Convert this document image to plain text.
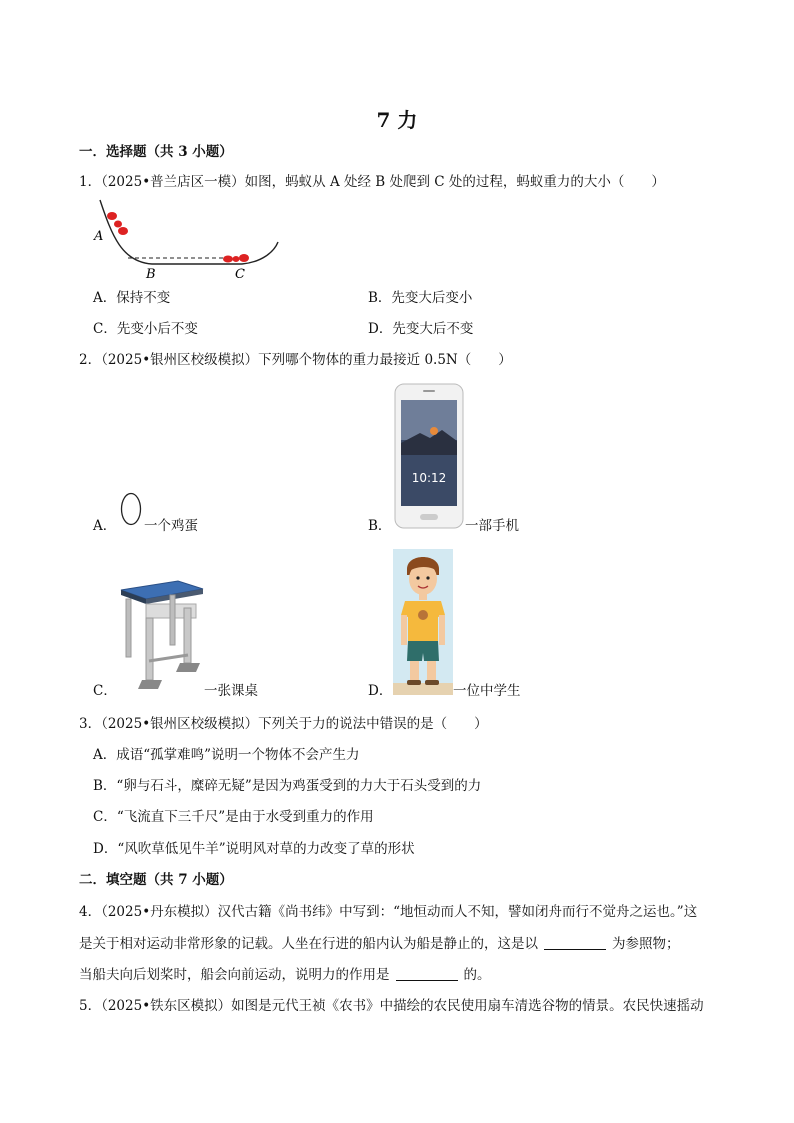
7 力
一．选择题（共 3 小题）
1．（2025•普兰店区一模）如图，蚂蚁从 A 处经 B 处爬到 C 处的过程，蚂蚁重力的大小（　　）
A
B	C
A．保持不变	B．先变大后变小
C．先变小后不变	D．先变大后不变
2．（2025•银州区校级模拟）下列哪个物体的重力最接近 0.5N（　　）
10:12
A． 一个鸡蛋	B．	一部手机
C．	一张课桌	D．	一位中学生
3．（2025•银州区校级模拟）下列关于力的说法中错误的是（　　）
A．成语“孤掌难鸣”说明一个物体不会产生力
B．“卵与石斗，糜碎无疑”是因为鸡蛋受到的力大于石头受到的力
C．“飞流直下三千尺”是由于水受到重力的作用
D．“风吹草低见牛羊”说明风对草的力改变了草的形状
二．填空题（共 7 小题）
4．（2025•丹东模拟）汉代古籍《尚书纬》中写到：“地恒动而人不知，譬如闭舟而行不觉舟之运也。”这
是关于相对运动非常形象的记载。人坐在行进的船内认为船是静止的，这是以	为参照物；
当船夫向后划桨时，船会向前运动，说明力的作用是	的。
5．（2025•铁东区模拟）如图是元代王祯《农书》中描绘的农民使用扇车清选谷物的情景。农民快速摇动
